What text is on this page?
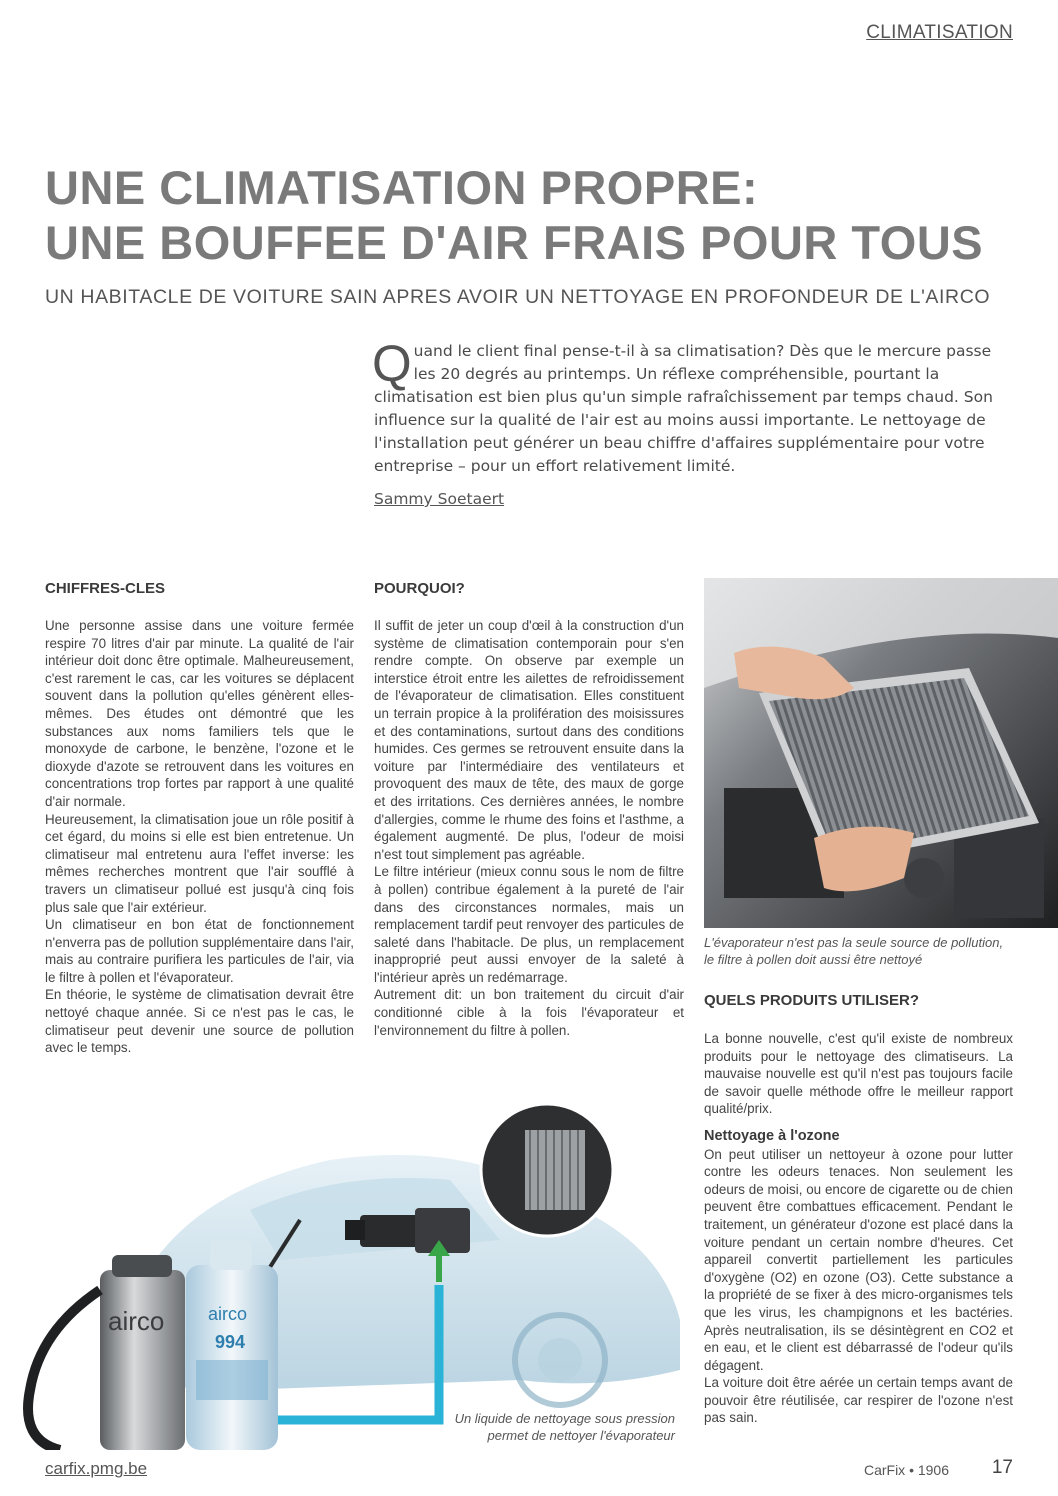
CLIMATISATION
UNE CLIMATISATION PROPRE:
UNE BOUFFEE D'AIR FRAIS POUR TOUS
UN HABITACLE DE VOITURE SAIN APRES AVOIR UN NETTOYAGE EN PROFONDEUR DE L'AIRCO
Q uand le client final pense-t-il à sa climatisation? Dès que le mercure passe les 20 degrés au printemps. Un réflexe compréhensible, pourtant la climatisation est bien plus qu'un simple rafraîchissement par temps chaud. Son influence sur la qualité de l'air est au moins aussi importante. Le nettoyage de l'installation peut générer un beau chiffre d'affaires supplémentaire pour votre entreprise – pour un effort relativement limité.
Sammy Soetaert
CHIFFRES-CLES

Une personne assise dans une voiture fermée respire 70 litres d'air par minute. La qualité de l'air intérieur doit donc être optimale. Malheureusement, c'est rarement le cas, car les voitures se déplacent souvent dans la pollution qu'elles génèrent elles-mêmes. Des études ont démontré que les substances aux noms familiers tels que le monoxyde de carbone, le benzène, l'ozone et le dioxyde d'azote se retrouvent dans les voitures en concentrations trop fortes par rapport à une qualité d'air normale.

Heureusement, la climatisation joue un rôle positif à cet égard, du moins si elle est bien entretenue. Un climatiseur mal entretenu aura l'effet inverse: les mêmes recherches montrent que l'air soufflé à travers un climatiseur pollué est jusqu'à cinq fois plus sale que l'air extérieur.

Un climatiseur en bon état de fonctionnement n'enverra pas de pollution supplémentaire dans l'air, mais au contraire purifiera les particules de l'air, via le filtre à pollen et l'évaporateur.

En théorie, le système de climatisation devrait être nettoyé chaque année. Si ce n'est pas le cas, le climatiseur peut devenir une source de pollution avec le temps.

POURQUOI?

Il suffit de jeter un coup d'œil à la construction d'un système de climatisation contemporain pour s'en rendre compte. On observe par exemple un interstice étroit entre les ailettes de refroidissement de l'évaporateur de climatisation. Elles constituent un terrain propice à la prolifération des moisissures et des contaminations, surtout dans des conditions humides. Ces germes se retrouvent ensuite dans la voiture par l'intermédiaire des ventilateurs et provoquent des maux de tête, des maux de gorge et des irritations. Ces dernières années, le nombre d'allergies, comme le rhume des foins et l'asthme, a également augmenté. De plus, l'odeur de moisi n'est tout simplement pas agréable.

Le filtre intérieur (mieux connu sous le nom de filtre à pollen) contribue également à la pureté de l'air dans des circonstances normales, mais un remplacement tardif peut renvoyer des particules de saleté dans l'habitacle. De plus, un remplacement inapproprié peut aussi envoyer de la saleté à l'intérieur après un redémarrage.

Autrement dit: un bon traitement du circuit d'air conditionné cible à la fois l'évaporateur et l'environnement du filtre à pollen.

L'évaporateur n'est pas la seule source de pollution,
le filtre à pollen doit aussi être nettoyé
QUELS PRODUITS UTILISER?

La bonne nouvelle, c'est qu'il existe de nombreux produits pour le nettoyage des climatiseurs. La mauvaise nouvelle est qu'il n'est pas toujours facile de savoir quelle méthode offre le meilleur rapport qualité/prix.

Nettoyage à l'ozone

On peut utiliser un nettoyeur à ozone pour lutter contre les odeurs tenaces. Non seulement les odeurs de moisi, ou encore de cigarette ou de chien peuvent être combattues efficacement. Pendant le traitement, un générateur d'ozone est placé dans la voiture pendant un certain nombre d'heures. Cet appareil convertit partiellement les particules d'oxygène (O2) en ozone (O3). Cette substance a la propriété de se fixer à des micro-organismes tels que les virus, les champignons et les bactéries. Après neutralisation, ils se désintègrent en CO2 et en eau, et le client est débarrassé de l'odeur qu'ils dégagent.

La voiture doit être aérée un certain temps avant de pouvoir être réutilisée, car respirer de l'ozone n'est pas sain.

airco airco
994
Un liquide de nettoyage sous pression
permet de nettoyer l'évaporateur
carfix.pmg.be	CarFix • 1906 17
